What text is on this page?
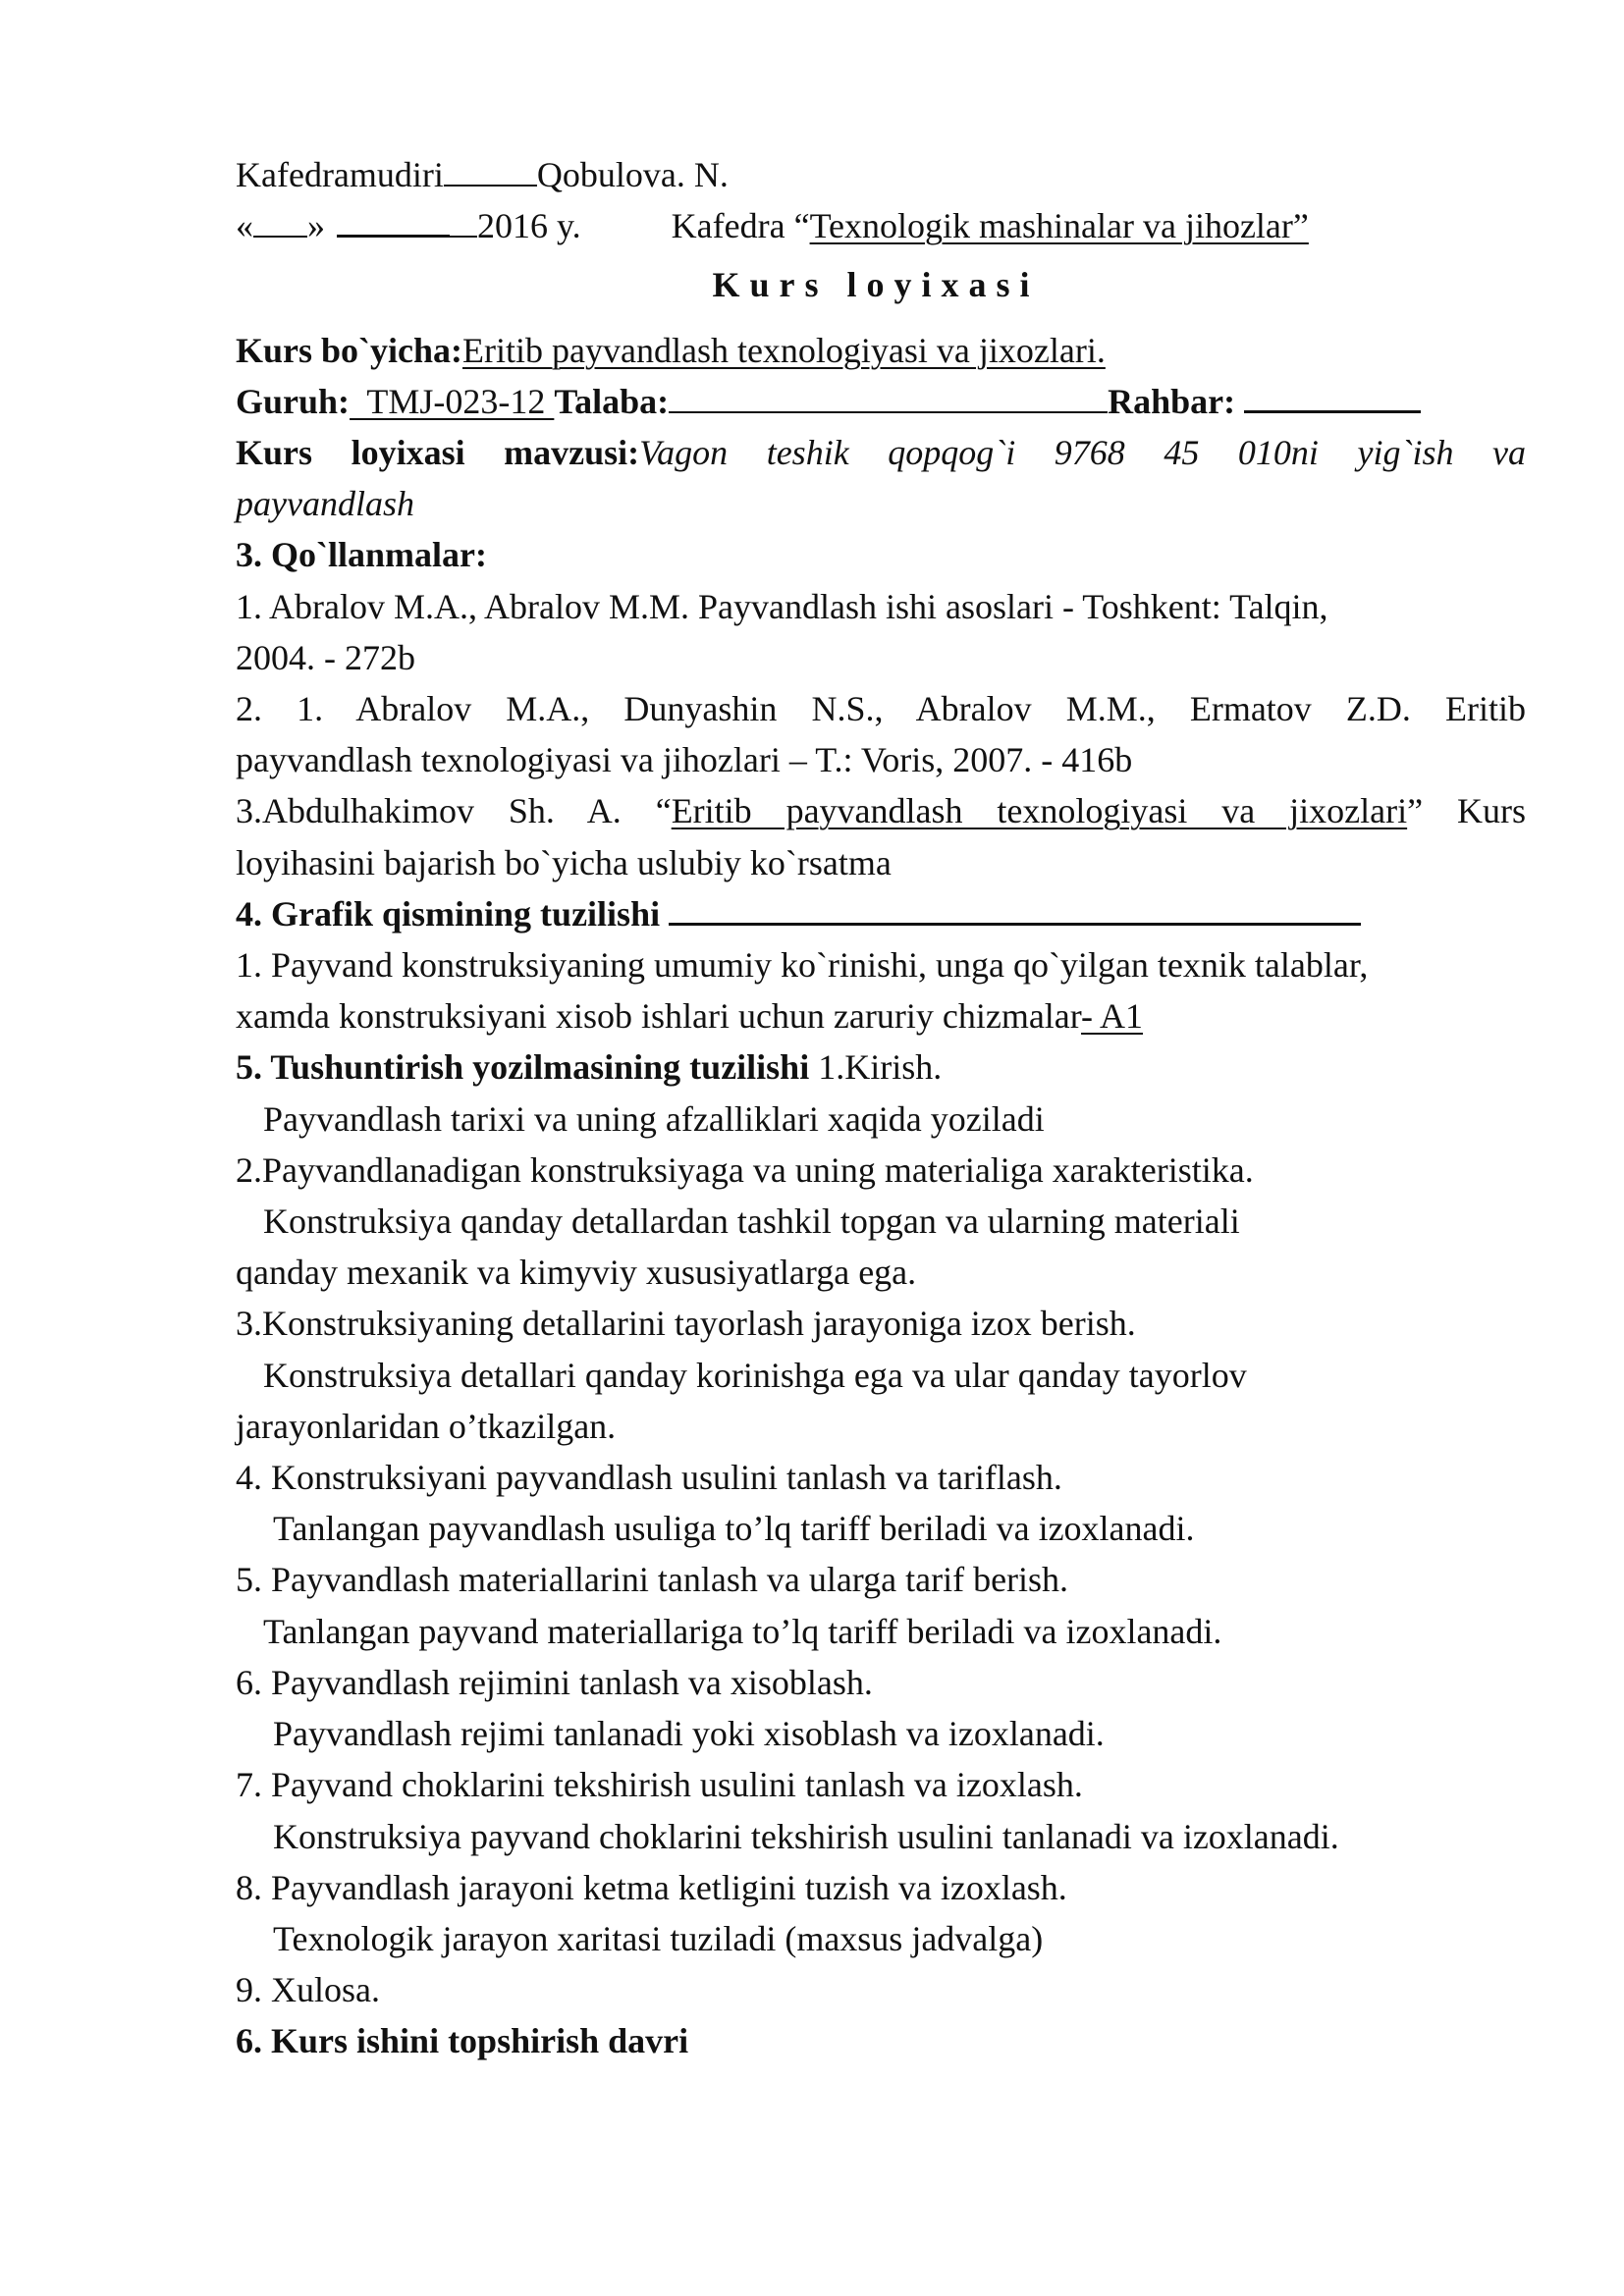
Kafedramudiri	Qobulova. N.
« »	2016 y.	Kafedra “Texnologik mashinalar va jihozlar”
Kurs loyixasi
Kurs bo`yicha:Eritib payvandlash texnologiyasi va jixozlari.
Guruh:  TMJ-023-12 Talaba:	Rahbar:
Kurs loyixasi mavzusi:Vagon teshik qopqog`i 9768 45 010ni yig`ish va
payvandlash
3. Qo`llanmalar:
1. Abralov M.A., Abralov M.M. Payvandlash ishi asoslari - Toshkent: Talqin,
2004. - 272b
2. 1. Abralov M.A., Dunyashin N.S., Abralov M.M., Ermatov Z.D. Eritib
payvandlash texnologiyasi va jihozlari – T.: Voris, 2007. - 416b
3.Abdulhakimov Sh. A. “Eritib payvandlash texnologiyasi va jixozlari” Kurs
loyihasini bajarish bo`yicha uslubiy ko`rsatma
4. Grafik qismining tuzilishi
1. Payvand konstruksiyaning umumiy ko`rinishi, unga qo`yilgan texnik talablar,
xamda konstruksiyani xisob ishlari uchun zaruriy chizmalar- A1
5. Tushuntirish yozilmasining tuzilishi 1.Kirish.
Payvandlash tarixi va uning afzalliklari xaqida yoziladi
2.Payvandlanadigan konstruksiyaga va uning materialiga xarakteristika.
Konstruksiya qanday detallardan tashkil topgan va ularning materiali
qanday mexanik va kimyviy xususiyatlarga ega.
3.Konstruksiyaning detallarini tayorlash jarayoniga izox berish.
Konstruksiya detallari qanday korinishga ega va ular qanday tayorlov
jarayonlaridan o’tkazilgan.
4. Konstruksiyani payvandlash usulini tanlash va tariflash.
Tanlangan payvandlash usuliga to’lq tariff beriladi va izoxlanadi.
5. Payvandlash materiallarini tanlash va ularga tarif berish.
Tanlangan payvand materiallariga to’lq tariff beriladi va izoxlanadi.
6. Payvandlash rejimini tanlash va xisoblash.
Payvandlash rejimi tanlanadi yoki xisoblash va izoxlanadi.
7. Payvand choklarini tekshirish usulini tanlash va izoxlash.
Konstruksiya payvand choklarini tekshirish usulini tanlanadi va izoxlanadi.
8. Payvandlash jarayoni ketma ketligini tuzish va izoxlash.
Texnologik jarayon xaritasi tuziladi (maxsus jadvalga)
9. Xulosa.
6. Kurs ishini topshirish davri
